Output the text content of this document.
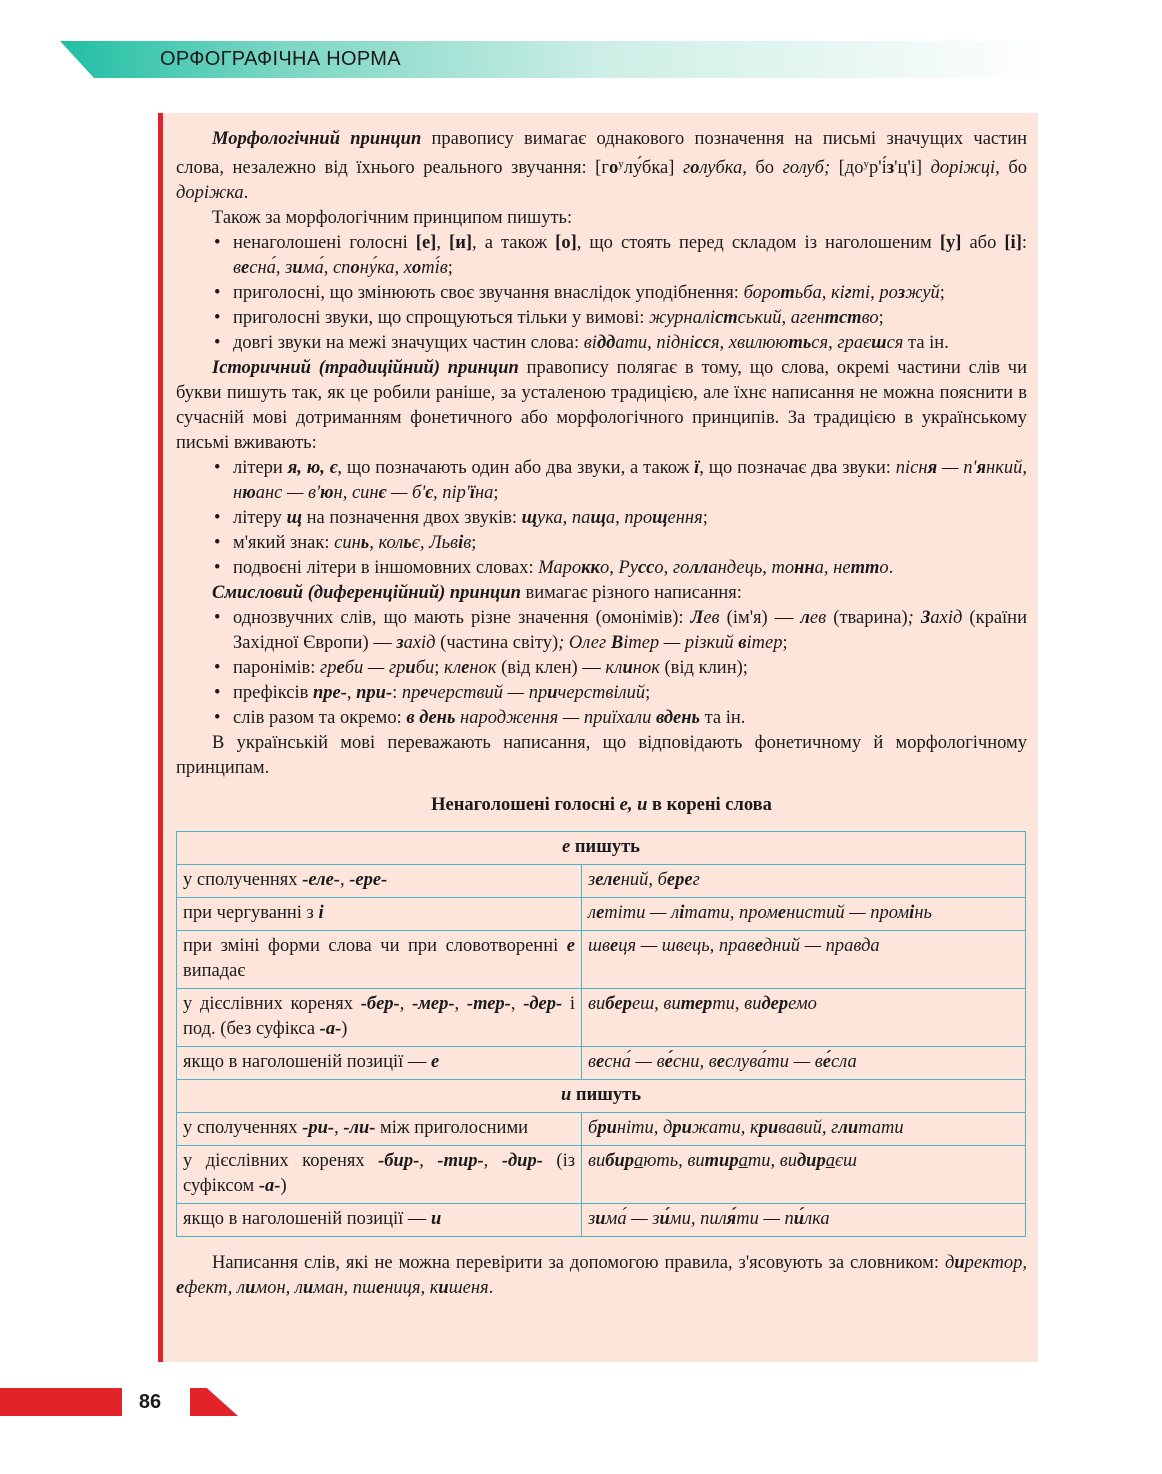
ОРФОГРАФІЧНА НОРМА

Морфологічний принцип правопису вимагає однакового позначення на письмі значущих частин слова, незалежно від їхнього реального звучання: $[го^улу́бка]$ голубка, бо голуб; $[до^ур'і́з'ц'і]$ доріжці, бо доріжка.

Також за морфологічним принципом пишуть:

• ненаголошені голосні [е], [и], а також [о], що стоять перед складом із наголошеним [у] або [і]: весна́, зима́, спону́ка, хоті́в;
• приголосні, що змінюють своє звучання внаслідок уподібнення: боротьба, кігті, розжуй;
• приголосні звуки, що спрощуються тільки у вимові: журналістський, агентство;
• довгі звуки на межі значущих частин слова: віддати, піднісся, хвилюються, граєшся та ін.

Історичний (традиційний) принцип правопису полягає в тому, що слова, окремі частини слів чи букви пишуть так, як це робили раніше, за усталеною традицією, але їхнє написання не можна пояснити в сучасній мові дотриманням фонетичного або морфологічного принципів. За традицією в українському письмі вживають:

• літери я, ю, є, що позначають один або два звуки, а також ї, що позначає два звуки: пісня — п'янкий, нюанс — в'юн, синє — б'є, пір'їна;
• літеру щ на позначення двох звуків: щука, паща, прощення;
• м'який знак: синь, кольє, Львів;
• подвоєні літери в іншомовних словах: Марокко, Руссо, голландець, тонна, нетто.

Смисловий (диференційний) принцип вимагає різного написання:

• однозвучних слів, що мають різне значення (омонімів): Лев (ім'я) — лев (тварина); Захід (країни Західної Європи) — захід (частина світу); Олег Вітер — різкий вітер;
• паронімів: греби — гриби; кленок (від клен) — клинок (від клин);
• префіксів пре-, при-: пречерствий — причерствілий;
• слів разом та окремо: в день народження — приїхали вдень та ін.

В українській мові переважають написання, що відповідають фонетичному й морфологічному принципам.

Ненаголошені голосні е, и в корені слова

е пишуть	
у сполученнях -еле-, -ере-	зелений, берег
при чергуванні з і	летіти — літати, променистий — промінь
при зміні форми слова чи при словотворенні е випадає	швеця — швець, праведний — правда
у дієслівних коренях -бер-, -мер-, -тер-, -дер- і под. (без суфікса -а-)	вибереш, витерти, видеремо
якщо в наголошеній позиції — е	весна́ — ве́сни, веслува́ти — ве́сла
и пишуть	
у сполученнях -ри-, -ли- між приголосними	бриніти, дрижати, кривавий, глитати
у дієслівних коренях -бир-, -тир-, -дир- (із суфіксом -а-)	вибирають, витирати, видираєш
якщо в наголошеній позиції — и	зима́ — зи́ми, пиля́ти — пи́лка

Написання слів, які не можна перевірити за допомогою правила, з'ясовують за словником: директор, ефект, лимон, лиман, пшениця, кишеня.

86
